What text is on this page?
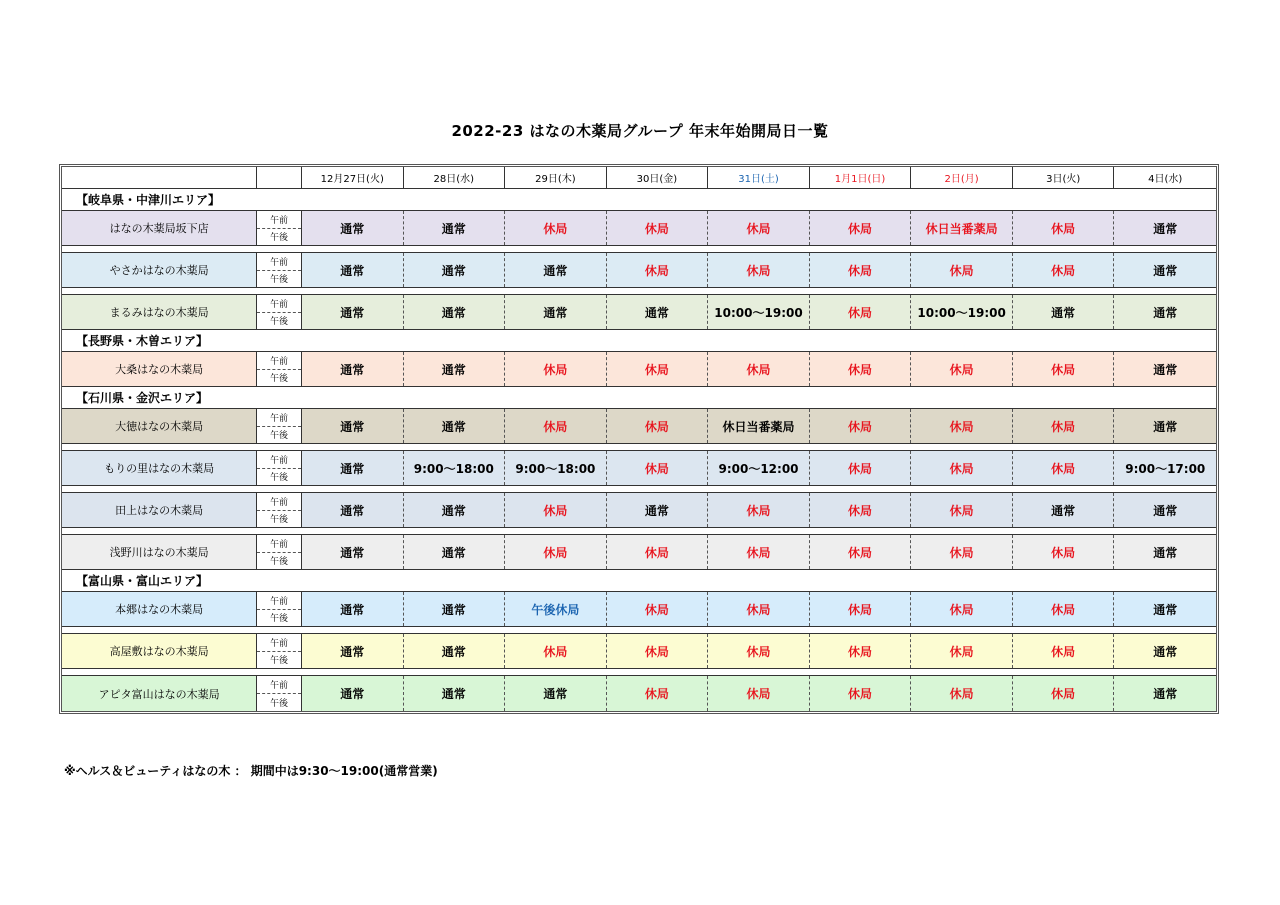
2022-23 はなの木薬局グループ 年末年始開局日一覧
12月27日(火)	28日(水)	29日(木)	30日(金)	31日(土)	1月1日(日)	2日(月)	3日(火)	4日(水)
【岐阜県・中津川エリア】
はなの木薬局坂下店
午前
午後
通常	通常	休局	休局	休局	休局	休日当番薬局	休局	通常
やさかはなの木薬局
午前
午後
通常	通常	通常	休局	休局	休局	休局	休局	通常
まるみはなの木薬局
午前
午後
通常	通常	通常	通常	10:00～19:00	休局	10:00～19:00	通常	通常
【長野県・木曽エリア】
大桑はなの木薬局
午前
午後
通常	通常	休局	休局	休局	休局	休局	休局	通常
【石川県・金沢エリア】
大徳はなの木薬局
午前
午後
通常	通常	休局	休局	休日当番薬局	休局	休局	休局	通常
もりの里はなの木薬局
午前
午後
通常	9:00～18:00	9:00～18:00	休局	9:00～12:00	休局	休局	休局	9:00～17:00
田上はなの木薬局
午前
午後
通常	通常	休局	通常	休局	休局	休局	通常	通常
浅野川はなの木薬局
午前
午後
通常	通常	休局	休局	休局	休局	休局	休局	通常
【富山県・富山エリア】
本郷はなの木薬局
午前
午後
通常	通常	午後休局	休局	休局	休局	休局	休局	通常
高屋敷はなの木薬局
午前
午後
通常	通常	休局	休局	休局	休局	休局	休局	通常
アピタ富山はなの木薬局
午前
午後
通常	通常	通常	休局	休局	休局	休局	休局	通常
※ヘルス＆ビューティはなの木 ： 期間中は9:30～19:00(通常営業)
